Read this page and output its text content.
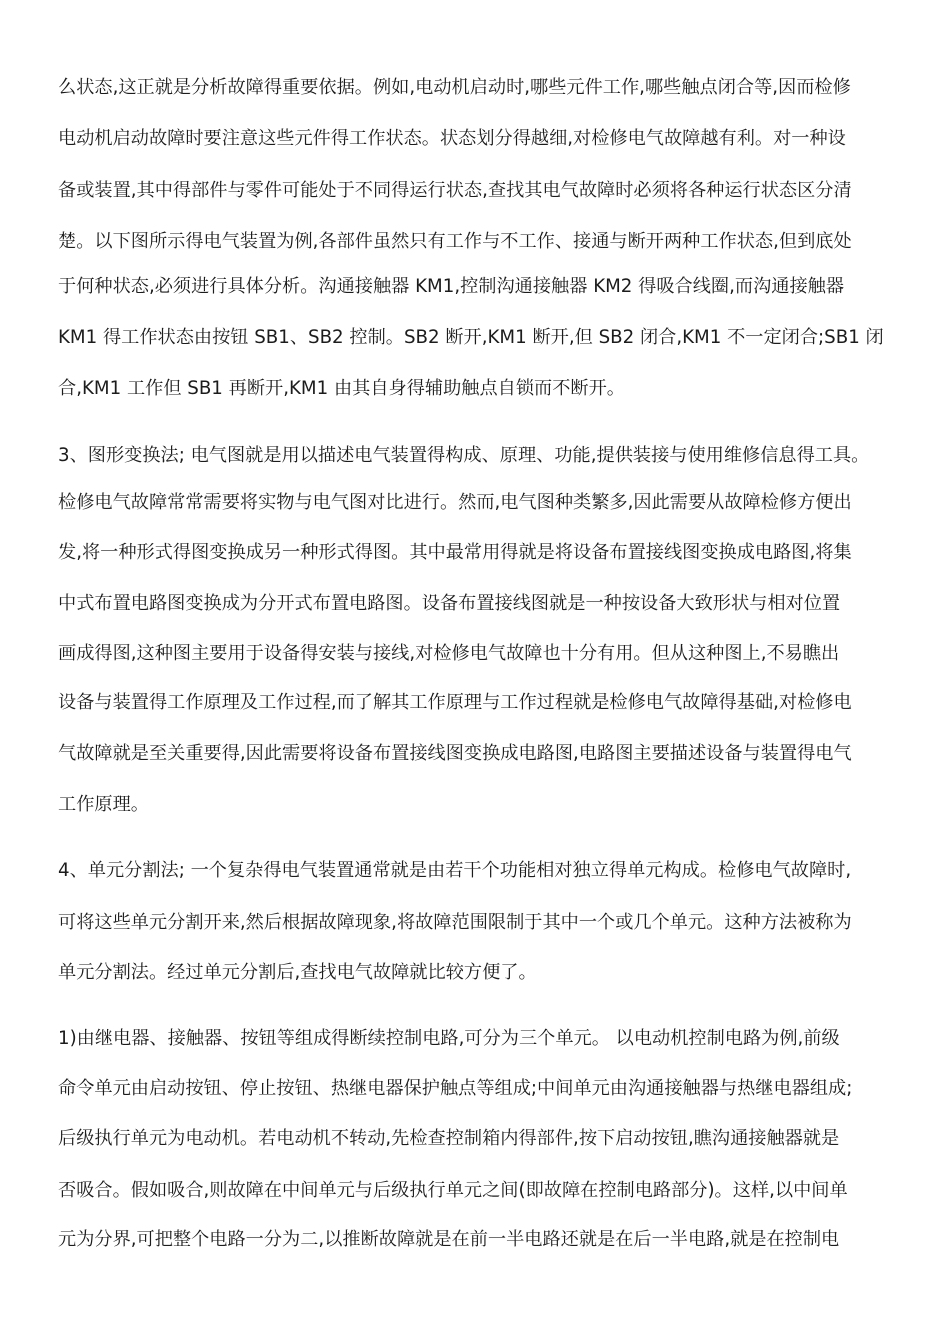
么状态,这正就是分析故障得重要依据。例如,电动机启动时,哪些元件工作,哪些触点闭合等,因而检修
电动机启动故障时要注意这些元件得工作状态。状态划分得越细,对检修电气故障越有利。对一种设
备或装置,其中得部件与零件可能处于不同得运行状态,查找其电气故障时必须将各种运行状态区分清
楚。以下图所示得电气装置为例,各部件虽然只有工作与不工作、接通与断开两种工作状态,但到底处
于何种状态,必须进行具体分析。沟通接触器 KM1,控制沟通接触器 KM2 得吸合线圈,而沟通接触器
KM1 得工作状态由按钮 SB1、SB2 控制。SB2 断开,KM1 断开,但 SB2 闭合,KM1 不一定闭合;SB1 闭
合,KM1 工作但 SB1 再断开,KM1 由其自身得辅助触点自锁而不断开。
3、图形变换法; 电气图就是用以描述电气装置得构成、原理、功能,提供装接与使用维修信息得工具。
检修电气故障常常需要将实物与电气图对比进行。然而,电气图种类繁多,因此需要从故障检修方便出
发,将一种形式得图变换成另一种形式得图。其中最常用得就是将设备布置接线图变换成电路图,将集
中式布置电路图变换成为分开式布置电路图。设备布置接线图就是一种按设备大致形状与相对位置
画成得图,这种图主要用于设备得安装与接线,对检修电气故障也十分有用。但从这种图上,不易瞧出
设备与装置得工作原理及工作过程,而了解其工作原理与工作过程就是检修电气故障得基础,对检修电
气故障就是至关重要得,因此需要将设备布置接线图变换成电路图,电路图主要描述设备与装置得电气
工作原理。
4、单元分割法; 一个复杂得电气装置通常就是由若干个功能相对独立得单元构成。检修电气故障时,
可将这些单元分割开来,然后根据故障现象,将故障范围限制于其中一个或几个单元。这种方法被称为
单元分割法。经过单元分割后,查找电气故障就比较方便了。
1)由继电器、接触器、按钮等组成得断续控制电路,可分为三个单元。 以电动机控制电路为例,前级
命令单元由启动按钮、停止按钮、热继电器保护触点等组成;中间单元由沟通接触器与热继电器组成;
后级执行单元为电动机。若电动机不转动,先检查控制箱内得部件,按下启动按钮,瞧沟通接触器就是
否吸合。假如吸合,则故障在中间单元与后级执行单元之间(即故障在控制电路部分)。这样,以中间单
元为分界,可把整个电路一分为二,以推断故障就是在前一半电路还就是在后一半电路,就是在控制电
